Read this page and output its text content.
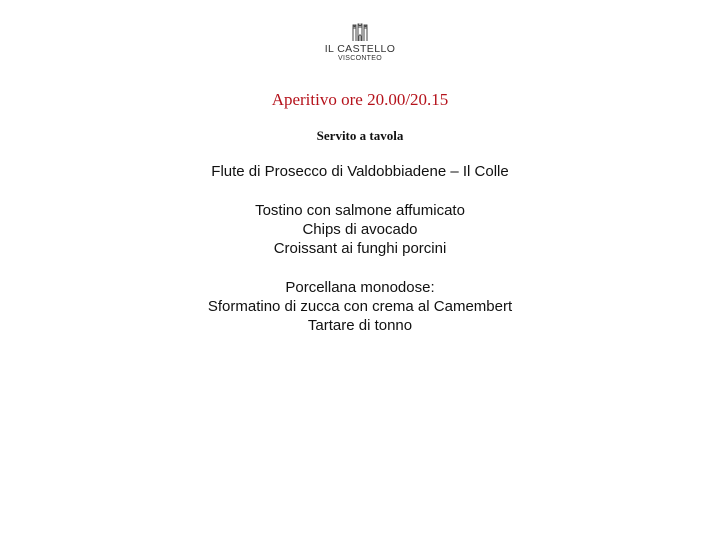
IL CASTELLO
VISCONTEO
Aperitivo ore 20.00/20.15
Servito a tavola
Flute di Prosecco di Valdobbiadene – Il Colle
Tostino con salmone affumicato
Chips di avocado
Croissant ai funghi porcini
Porcellana monodose:
Sformatino di zucca con crema al Camembert
Tartare di tonno
